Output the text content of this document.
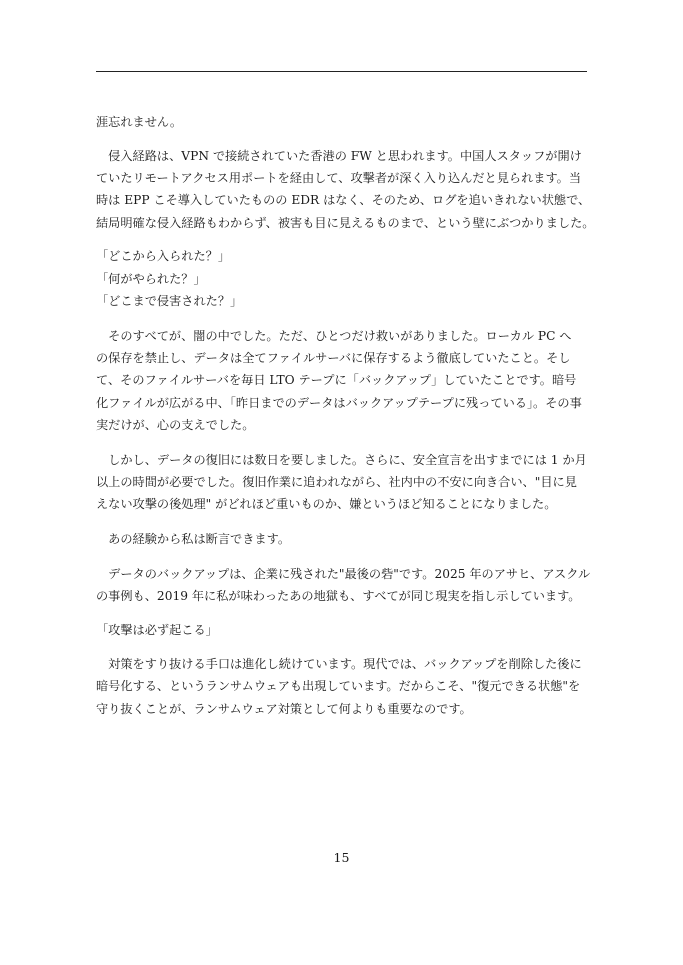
涯忘れません。
　侵入経路は、VPN で接続されていた香港の FW と思われます。中国人スタッフが開け
ていたリモートアクセス用ポートを経由して、攻撃者が深く入り込んだと見られます。当
時は EPP こそ導入していたものの EDR はなく、そのため、ログを追いきれない状態で、
結局明確な侵入経路もわからず、被害も目に見えるものまで、という壁にぶつかりました。
「どこから入られた？」
「何がやられた？」
「どこまで侵害された？」
　そのすべてが、闇の中でした。ただ、ひとつだけ救いがありました。ローカル PC へ
の保存を禁止し、データは全てファイルサーバに保存するよう徹底していたこと。そし
て、そのファイルサーバを毎日 LTO テープに「バックアップ」していたことです。暗号
化ファイルが広がる中、「昨日までのデータはバックアップテープに残っている」。その事
実だけが、心の支えでした。
　しかし、データの復旧には数日を要しました。さらに、安全宣言を出すまでには 1 か月
以上の時間が必要でした。復旧作業に追われながら、社内中の不安に向き合い、"目に見
えない攻撃の後処理" がどれほど重いものか、嫌というほど知ることになりました。
　あの経験から私は断言できます。
　データのバックアップは、企業に残された"最後の砦"です。2025 年のアサヒ、アスクル
の事例も、2019 年に私が味わったあの地獄も、すべてが同じ現実を指し示しています。
「攻撃は必ず起こる」
　対策をすり抜ける手口は進化し続けています。現代では、バックアップを削除した後に
暗号化する、というランサムウェアも出現しています。だからこそ、"復元できる状態"を
守り抜くことが、ランサムウェア対策として何よりも重要なのです。
15
